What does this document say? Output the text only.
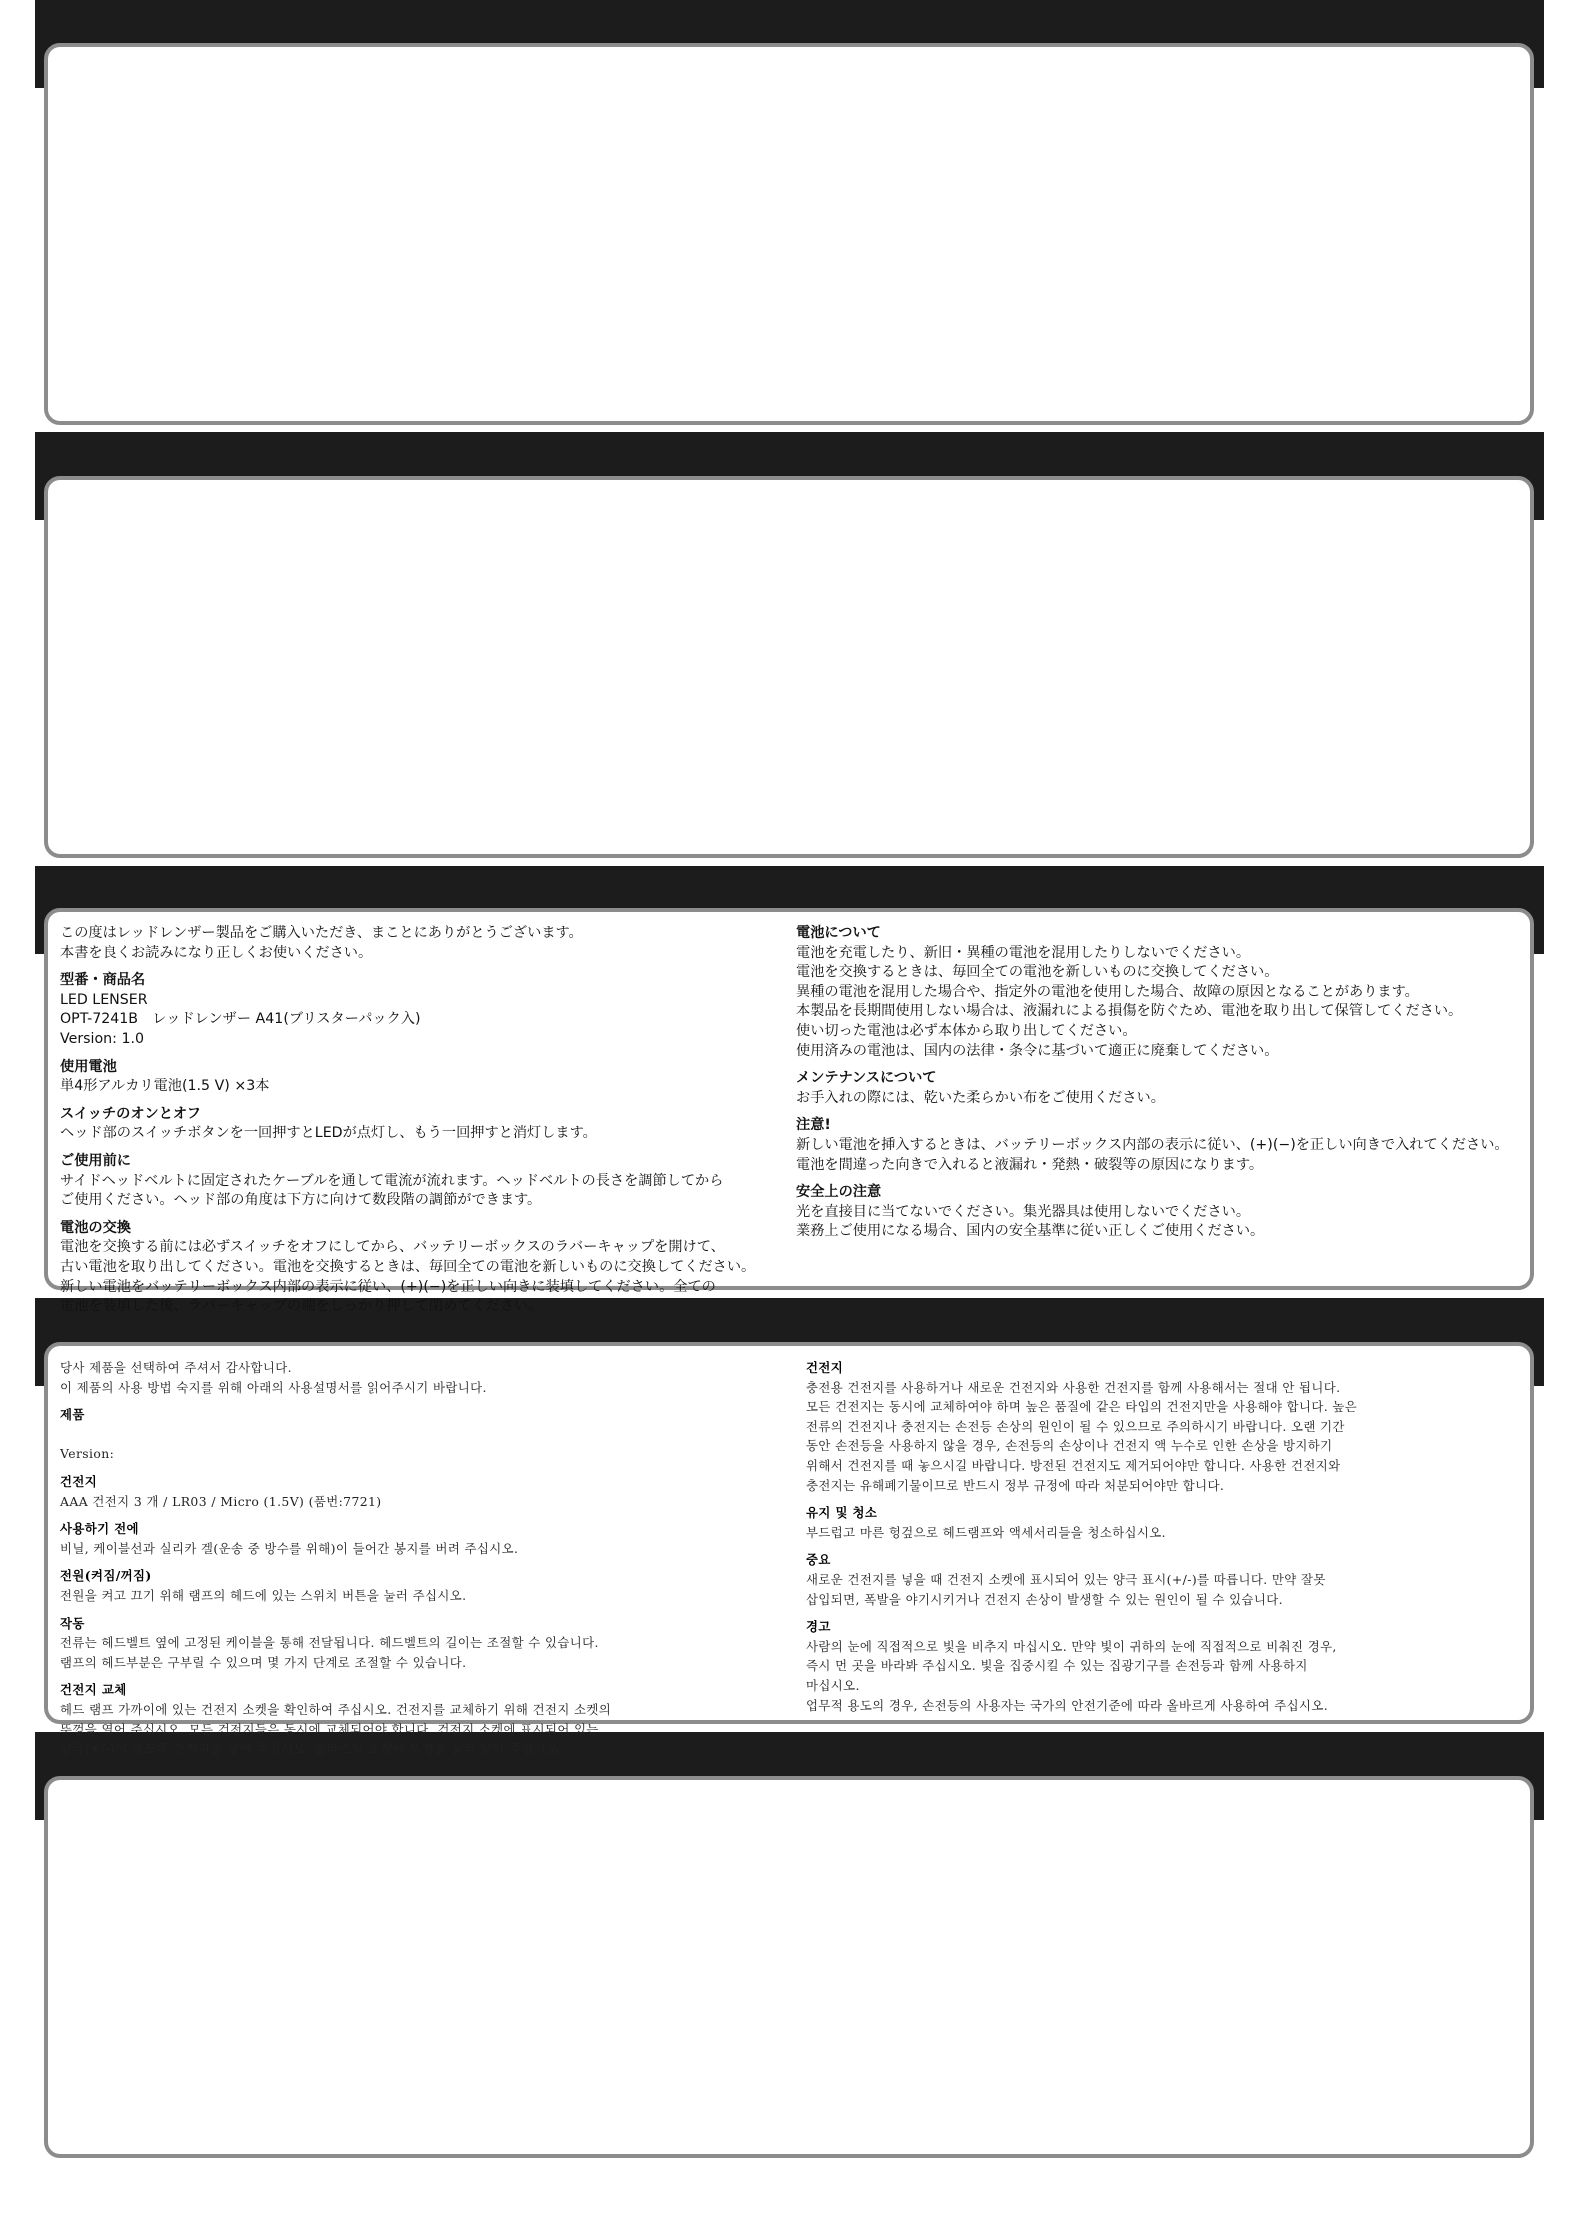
この度はレッドレンザー製品をご購入いただき、まことにありがとうございます。
本書を良くお読みになり正しくお使いください。
型番・商品名
LED LENSER
OPT-7241B　レッドレンザー A41(ブリスターパック入)
Version: 1.0
使用電池
単4形アルカリ電池(1.5 V) ×3本
スイッチのオンとオフ
ヘッド部のスイッチボタンを一回押すとLEDが点灯し、もう一回押すと消灯します。
ご使用前に
サイドヘッドベルトに固定されたケーブルを通して電流が流れます。ヘッドベルトの長さを調節してから
ご使用ください。ヘッド部の角度は下方に向けて数段階の調節ができます。
電池の交換
電池を交換する前には必ずスイッチをオフにしてから、バッテリーボックスのラバーキャップを開けて、
古い電池を取り出してください。電池を交換するときは、毎回全ての電池を新しいものに交換してください。
新しい電池をバッテリーボックス内部の表示に従い、(+)(−)を正しい向きに装填してください。全ての
電池を装填した後、ラバーキャップの端をしっかり押して閉めてください。
電池について
電池を充電したり、新旧・異種の電池を混用したりしないでください。
電池を交換するときは、毎回全ての電池を新しいものに交換してください。
異種の電池を混用した場合や、指定外の電池を使用した場合、故障の原因となることがあります。
本製品を長期間使用しない場合は、液漏れによる損傷を防ぐため、電池を取り出して保管してください。
使い切った電池は必ず本体から取り出してください。
使用済みの電池は、国内の法律・条令に基づいて適正に廃棄してください。
メンテナンスについて
お手入れの際には、乾いた柔らかい布をご使用ください。
注意!
新しい電池を挿入するときは、バッテリーボックス内部の表示に従い、(+)(−)を正しい向きで入れてください。
電池を間違った向きで入れると液漏れ・発熱・破裂等の原因になります。
安全上の注意
光を直接目に当てないでください。集光器具は使用しないでください。
業務上ご使用になる場合、国内の安全基準に従い正しくご使用ください。
당사 제품을 선택하여 주셔서 감사합니다.
이 제품의 사용 방법 숙지를 위해 아래의 사용설명서를 읽어주시기 바랍니다.
제품
Version:
건전지
AAA 건전지 3 개 / LR03 / Micro (1.5V) (품번:7721)
사용하기 전에
비닐, 케이블선과 실리카 겔(운송 중 방수를 위해)이 들어간 봉지를 버려 주십시오.
전원(켜짐/꺼짐)
전원을 켜고 끄기 위해 램프의 헤드에 있는 스위치 버튼을 눌러 주십시오.
작동
전류는 헤드벨트 옆에 고정된 케이블을 통해 전달됩니다. 헤드벨트의 길이는 조절할 수 있습니다.
램프의 헤드부분은 구부릴 수 있으며 몇 가지 단계로 조절할 수 있습니다.
건전지 교체
헤드 램프 가까이에 있는 건전지 소켓을 확인하여 주십시오. 건전지를 교체하기 위해 건전지 소켓의
뚜껑을 열어 주십시오. 모든 건전지들은 동시에 교체되어야 합니다. 건전지 소켓에 표시되어 있는
양극(+/-)에 맞도록 건전지를 넣어 주십시오. 플라스틱 소켓에 뚜껑을 눌러 닫아 주십시오.
건전지
충전용 건전지를 사용하거나 새로운 건전지와 사용한 건전지를 함께 사용해서는 절대 안 됩니다.
모든 건전지는 동시에 교체하여야 하며 높은 품질에 같은 타입의 건전지만을 사용해야 합니다. 높은
전류의 건전지나 충전지는 손전등 손상의 원인이 될 수 있으므로 주의하시기 바랍니다. 오랜 기간
동안 손전등을 사용하지 않을 경우, 손전등의 손상이나 건전지 액 누수로 인한 손상을 방지하기
위해서 건전지를 때 놓으시길 바랍니다. 방전된 건전지도 제거되어야만 합니다. 사용한 건전지와
충전지는 유해폐기물이므로 반드시 정부 규정에 따라 처분되어야만 합니다.
유지 및 청소
부드럽고 마른 헝겊으로 헤드램프와 액세서리들을 청소하십시오.
중요
새로운 건전지를 넣을 때 건전지 소켓에 표시되어 있는 양극 표시(+/-)를 따릅니다. 만약 잘못
삽입되면, 폭발을 야기시키거나 건전지 손상이 발생할 수 있는 원인이 될 수 있습니다.
경고
사람의 눈에 직접적으로 빛을 비추지 마십시오. 만약 빛이 귀하의 눈에 직접적으로 비춰진 경우,
즉시 먼 곳을 바라봐 주십시오. 빛을 집중시킬 수 있는 집광기구를 손전등과 함께 사용하지
마십시오.
업무적 용도의 경우, 손전등의 사용자는 국가의 안전기준에 따라 올바르게 사용하여 주십시오.
